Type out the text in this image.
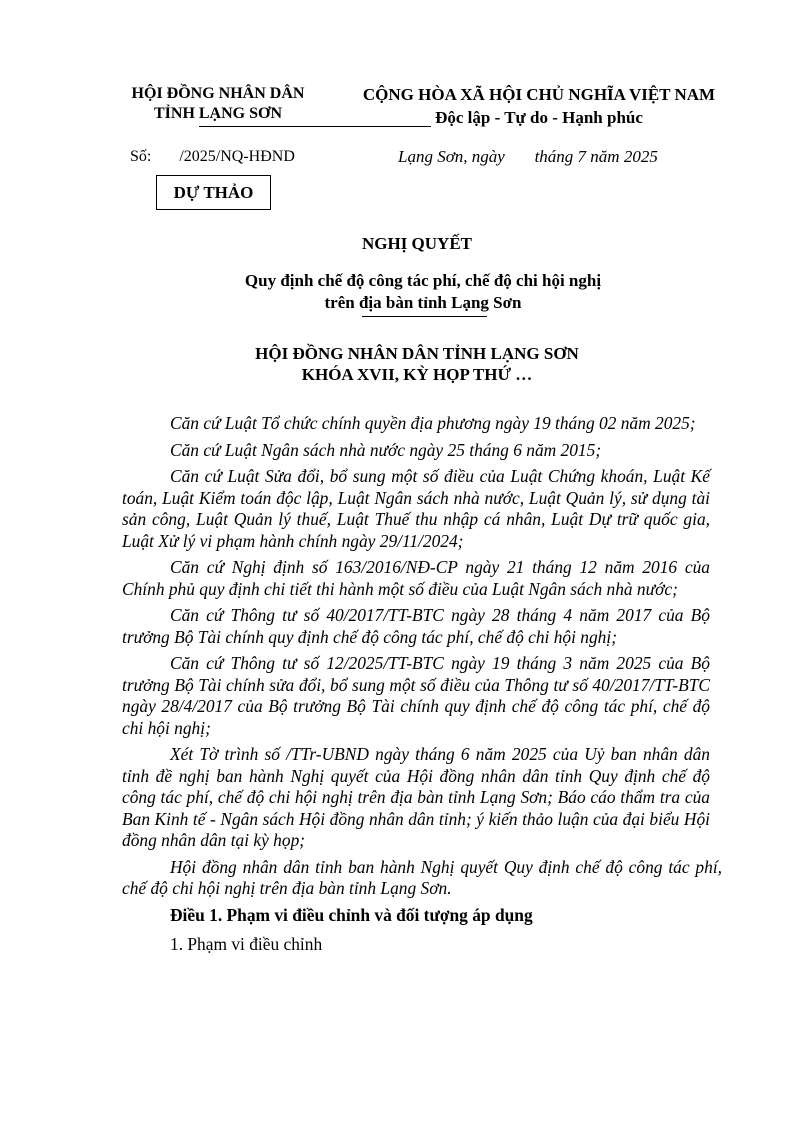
HỘI ĐỒNG NHÂN DÂN
TỈNH LẠNG SƠN
CỘNG HÒA XÃ HỘI CHỦ NGHĨA VIỆT NAM
Độc lập - Tự do - Hạnh phúc
Số:       /2025/NQ-HĐND	Lạng Sơn, ngày       tháng 7 năm 2025
DỰ THẢO
NGHỊ QUYẾT
Quy định chế độ công tác phí, chế độ chi hội nghị
trên địa bàn tỉnh Lạng Sơn
HỘI ĐỒNG NHÂN DÂN TỈNH LẠNG SƠN
KHÓA XVII, KỲ HỌP THỨ …

Căn cứ Luật Tổ chức chính quyền địa phương ngày 19 tháng 02 năm 2025;

Căn cứ Luật Ngân sách nhà nước ngày 25 tháng 6 năm 2015;

Căn cứ Luật Sửa đổi, bổ sung một số điều của Luật Chứng khoán, Luật Kế toán, Luật Kiểm toán độc lập, Luật Ngân sách nhà nước, Luật Quản lý, sử dụng tài sản công, Luật Quản lý thuế, Luật Thuế thu nhập cá nhân, Luật Dự trữ quốc gia, Luật Xử lý vi phạm hành chính ngày 29/11/2024;

Căn cứ Nghị định số 163/2016/NĐ-CP ngày 21 tháng 12 năm 2016 của Chính phủ quy định chi tiết thi hành một số điều của Luật Ngân sách nhà nước;

Căn cứ Thông tư số 40/2017/TT-BTC ngày 28 tháng 4 năm 2017 của Bộ trưởng Bộ Tài chính quy định chế độ công tác phí, chế độ chi hội nghị;

Căn cứ Thông tư số 12/2025/TT-BTC ngày 19 tháng 3 năm 2025 của Bộ trưởng Bộ Tài chính sửa đổi, bổ sung một số điều của Thông tư số 40/2017/TT-BTC ngày 28/4/2017 của Bộ trưởng Bộ Tài chính quy định chế độ công tác phí, chế độ chi hội nghị;

Xét Tờ trình số /TTr-UBND ngày tháng 6 năm 2025 của Uỷ ban nhân dân tỉnh đề nghị ban hành Nghị quyết của Hội đồng nhân dân tỉnh Quy định chế độ công tác phí, chế độ chi hội nghị trên địa bàn tỉnh Lạng Sơn; Báo cáo thẩm tra của Ban Kinh tế - Ngân sách Hội đồng nhân dân tỉnh; ý kiến thảo luận của đại biểu Hội đồng nhân dân tại kỳ họp;

Hội đồng nhân dân tỉnh ban hành Nghị quyết Quy định chế độ công tác phí, chế độ chi hội nghị trên địa bàn tỉnh Lạng Sơn.

Điều 1. Phạm vi điều chỉnh và đối tượng áp dụng

1. Phạm vi điều chỉnh
